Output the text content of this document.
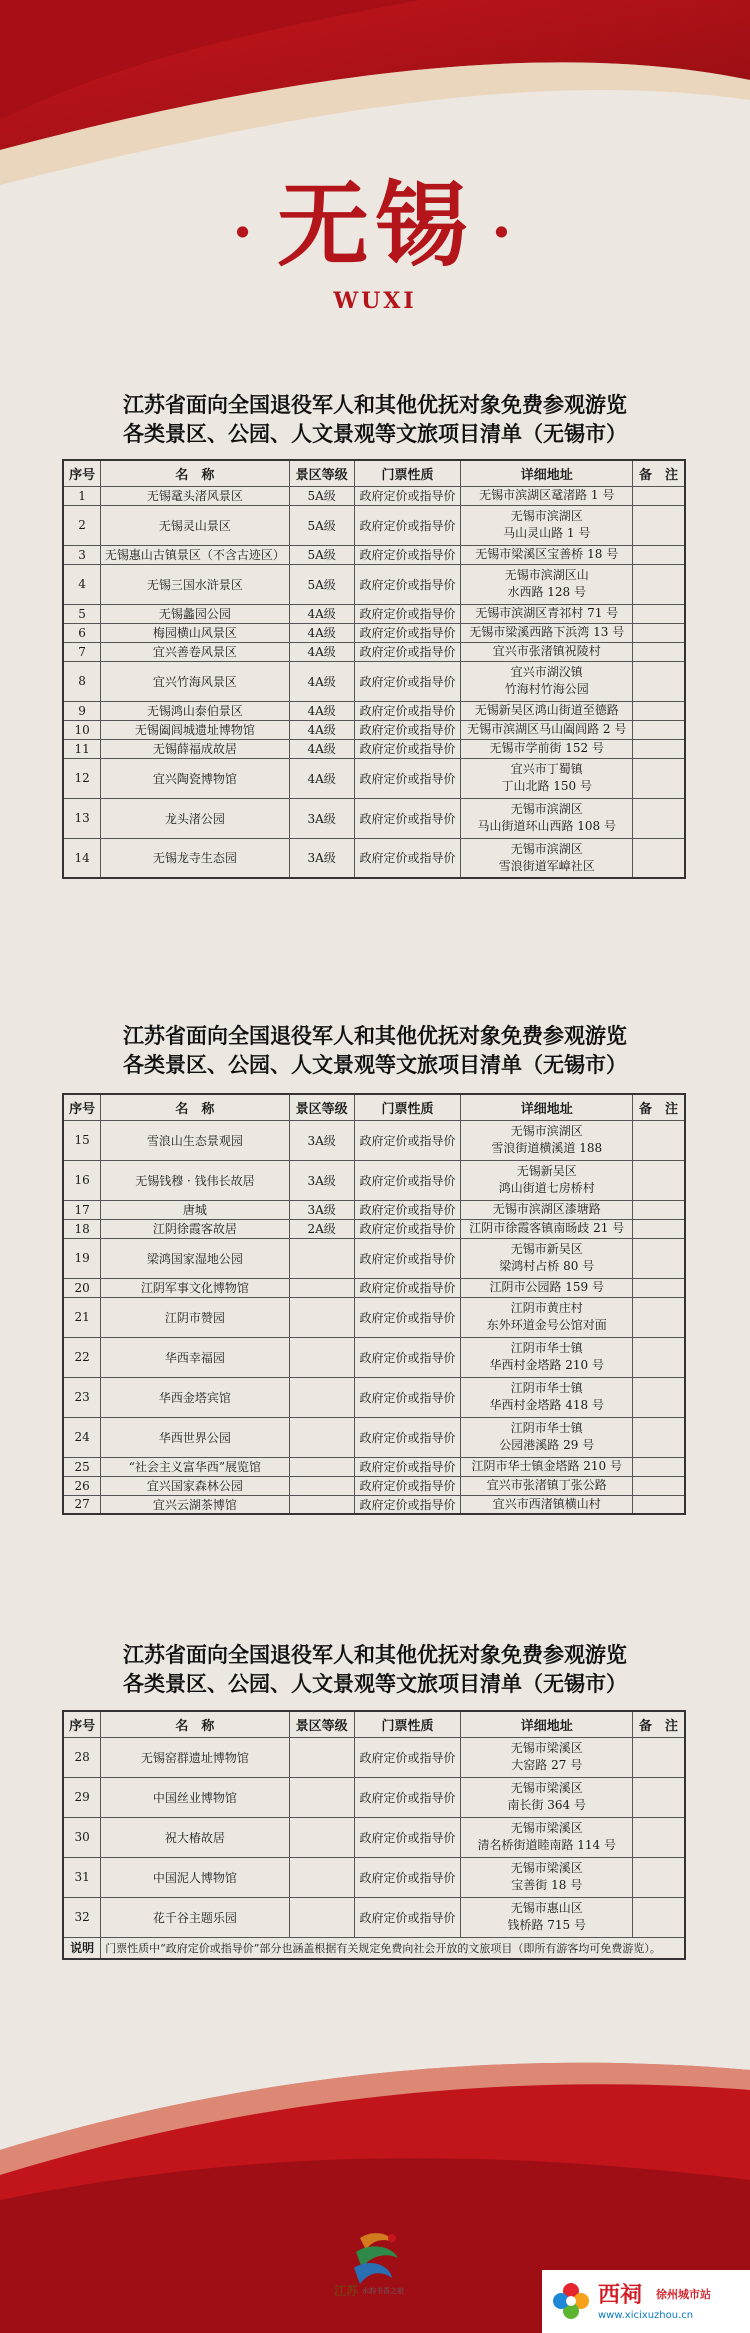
· 无锡 ·
WUXI
江苏省面向全国退役军人和其他优抚对象免费参观游览
各类景区、公园、人文景观等文旅项目清单（无锡市）
序号	名　称	景区等级	门票性质	详细地址	备　注
1	无锡鼋头渚风景区	5A级	政府定价或指导价	无锡市滨湖区鼋渚路 1 号	

2	无锡灵山景区	5A级	政府定价或指导价	无锡市滨湖区
马山灵山路 1 号	

3	无锡惠山古镇景区（不含古迹区）	5A级	政府定价或指导价	无锡市梁溪区宝善桥 18 号	

4	无锡三国水浒景区	5A级	政府定价或指导价	无锡市滨湖区山
水西路 128 号	

5	无锡蠡园公园	4A级	政府定价或指导价	无锡市滨湖区青祁村 71 号	

6	梅园横山风景区	4A级	政府定价或指导价	无锡市梁溪西路下浜湾 13 号	

7	宜兴善卷风景区	4A级	政府定价或指导价	宜兴市张渚镇祝陵村	

8	宜兴竹海风景区	4A级	政府定价或指导价	宜兴市湖㳇镇
竹海村竹海公园	

9	无锡鸿山泰伯景区	4A级	政府定价或指导价	无锡新吴区鸿山街道至德路	

10	无锡阖闾城遗址博物馆	4A级	政府定价或指导价	无锡市滨湖区马山阖闾路 2 号	

11	无锡薛福成故居	4A级	政府定价或指导价	无锡市学前街 152 号	

12	宜兴陶瓷博物馆	4A级	政府定价或指导价	宜兴市丁蜀镇
丁山北路 150 号	

13	龙头渚公园	3A级	政府定价或指导价	无锡市滨湖区
马山街道环山西路 108 号	

14	无锡龙寺生态园	3A级	政府定价或指导价	无锡市滨湖区
雪浪街道军嶂社区	

江苏省面向全国退役军人和其他优抚对象免费参观游览
各类景区、公园、人文景观等文旅项目清单（无锡市）
序号	名　称	景区等级	门票性质	详细地址	备　注
15	雪浪山生态景观园	3A级	政府定价或指导价	无锡市滨湖区
雪浪街道横溪道 188	

16	无锡钱穆 · 钱伟长故居	3A级	政府定价或指导价	无锡新吴区
鸿山街道七房桥村	

17	唐城	3A级	政府定价或指导价	无锡市滨湖区漆塘路	

18	江阴徐霞客故居	2A级	政府定价或指导价	江阴市徐霞客镇南旸歧 21 号	

19	梁鸿国家湿地公园		政府定价或指导价	无锡市新吴区
梁鸿村占桥 80 号	

20	江阴军事文化博物馆		政府定价或指导价	江阴市公园路 159 号	

21	江阴市赞园		政府定价或指导价	江阴市黄庄村
东外环道金号公馆对面	

22	华西幸福园		政府定价或指导价	江阴市华士镇
华西村金塔路 210 号	

23	华西金塔宾馆		政府定价或指导价	江阴市华士镇
华西村金塔路 418 号	

24	华西世界公园		政府定价或指导价	江阴市华士镇
公园港溪路 29 号	

25	“社会主义富华西”展览馆		政府定价或指导价	江阴市华士镇金塔路 210 号	

26	宜兴国家森林公园		政府定价或指导价	宜兴市张渚镇丁张公路	

27	宜兴云湖茶博馆		政府定价或指导价	宜兴市西渚镇横山村	

江苏省面向全国退役军人和其他优抚对象免费参观游览
各类景区、公园、人文景观等文旅项目清单（无锡市）
序号	名　称	景区等级	门票性质	详细地址	备　注
28	无锡窑群遗址博物馆		政府定价或指导价	无锡市梁溪区
大窑路 27 号	

29	中国丝业博物馆		政府定价或指导价	无锡市梁溪区
南长街 364 号	

30	祝大椿故居		政府定价或指导价	无锡市梁溪区
清名桥街道睦南路 114 号	

31	中国泥人博物馆		政府定价或指导价	无锡市梁溪区
宝善街 18 号	

32	花千谷主题乐园		政府定价或指导价	无锡市惠山区
钱桥路 715 号	

说明	门票性质中“政府定价或指导价”部分也涵盖根据有关规定免费向社会开放的文旅项目（即所有游客均可免费游览）。				
江苏 水韵书香之旅	西祠 徐州城市站
www.xicixuzhou.cn
